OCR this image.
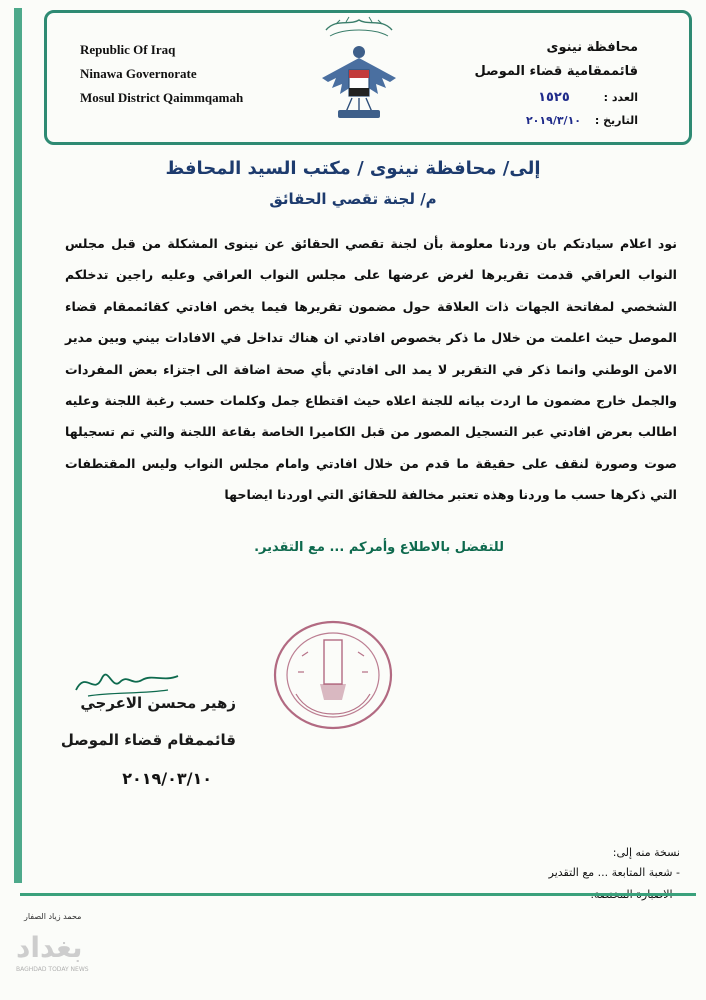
Republic Of Iraq
Ninawa Governorate
Mosul District Qaimmqamah
محافظة نينوى
قائممقامية قضاء الموصل
العدد : ١٥٢٥
التاريخ : ٢٠١٩/٣/١٠
إلى/ محافظة نينوى / مكتب السيد المحافظ
م/ لجنة تقصي الحقائق
نود اعلام سيادتكم بان وردنا معلومة بأن لجنة تقصي الحقائق عن نينوى المشكلة من قبل مجلس النواب العراقي قدمت تقريرها لغرض عرضها على مجلس النواب العراقي وعليه راجين تدخلكم الشخصي لمفاتحة الجهات ذات العلاقة حول مضمون تقريرها فيما يخص افادتي كقائممقام قضاء الموصل حيث اعلمت من خلال ما ذكر بخصوص افادتي ان هناك تداخل في الافادات بيني وبين مدير الامن الوطني وانما ذكر في التقرير لا يمد الى افادتي بأي صحة اضافة الى اجتزاء بعض المفردات والجمل خارج مضمون ما اردت بيانه للجنة اعلاه حيث اقتطاع جمل وكلمات حسب رغبة اللجنة وعليه اطالب بعرض افادتي عبر التسجيل المصور من قبل الكاميرا الخاصة بقاعة اللجنة والتي تم تسجيلها صوت وصورة لنقف على حقيقة ما قدم من خلال افادتي وامام مجلس النواب وليس المقتطفات التي ذكرها حسب ما وردنا وهذه تعتبر مخالفة للحقائق التي اوردنا ايضاحها
للتفضل بالاطلاع وأمركم ... مع التقدير.
زهير محسن الاعرجي
قائممقام قضاء الموصل
٢٠١٩/٠٣/١٠
نسخة منه إلى:
- شعبة المتابعة ... مع التقدير
محمد زياد الصفار
بغداد
BAGHDAD TODAY NEWS
